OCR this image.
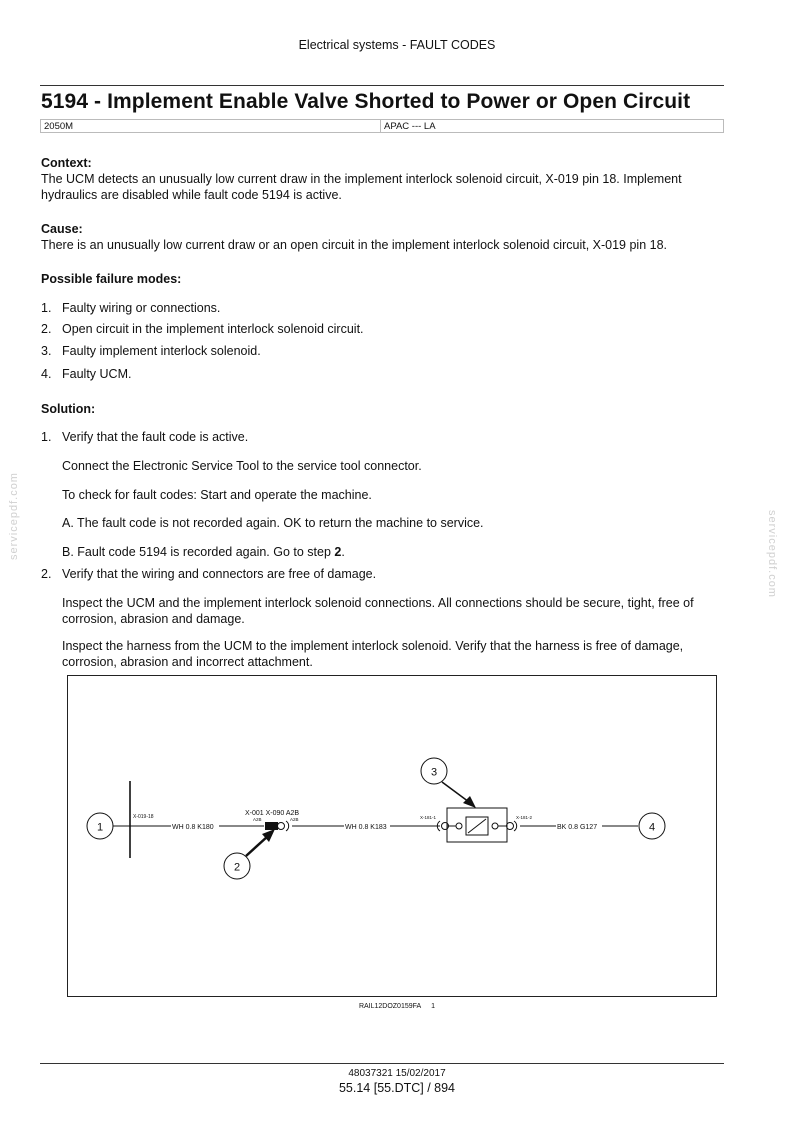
Electrical systems - FAULT CODES
5194 - Implement Enable Valve Shorted to Power or Open Circuit
2050M	APAC --- LA
Context:
The UCM detects an unusually low current draw in the implement interlock solenoid circuit, X-019 pin 18. Implement hydraulics are disabled while fault code 5194 is active.
Cause:
There is an unusually low current draw or an open circuit in the implement interlock solenoid circuit, X-019 pin 18.
Possible failure modes:
1. Faulty wiring or connections.
2. Open circuit in the implement interlock solenoid circuit.
3. Faulty implement interlock solenoid.
4. Faulty UCM.
Solution:
1. Verify that the fault code is active.
Connect the Electronic Service Tool to the service tool connector.
To check for fault codes: Start and operate the machine.
A. The fault code is not recorded again. OK to return the machine to service.
B. Fault code 5194 is recorded again. Go to step 2.
2. Verify that the wiring and connectors are free of damage.
Inspect the UCM and the implement interlock solenoid connections. All connections should be secure, tight, free of corrosion, abrasion and damage.
Inspect the harness from the UCM to the implement interlock solenoid. Verify that the harness is free of damage, corrosion, abrasion and incorrect attachment.
servicepdf.com	servicepdf.com
1
2
3
4
X-019-18
WH 0.8 K180
X-001 X-090 A2B
A2B	A2B
WH 0.8 K183
X-181-1	X-181-2
BK 0.8 G127
RAIL12DOZ0159FA 1
48037321 15/02/2017
55.14 [55.DTC] / 894
